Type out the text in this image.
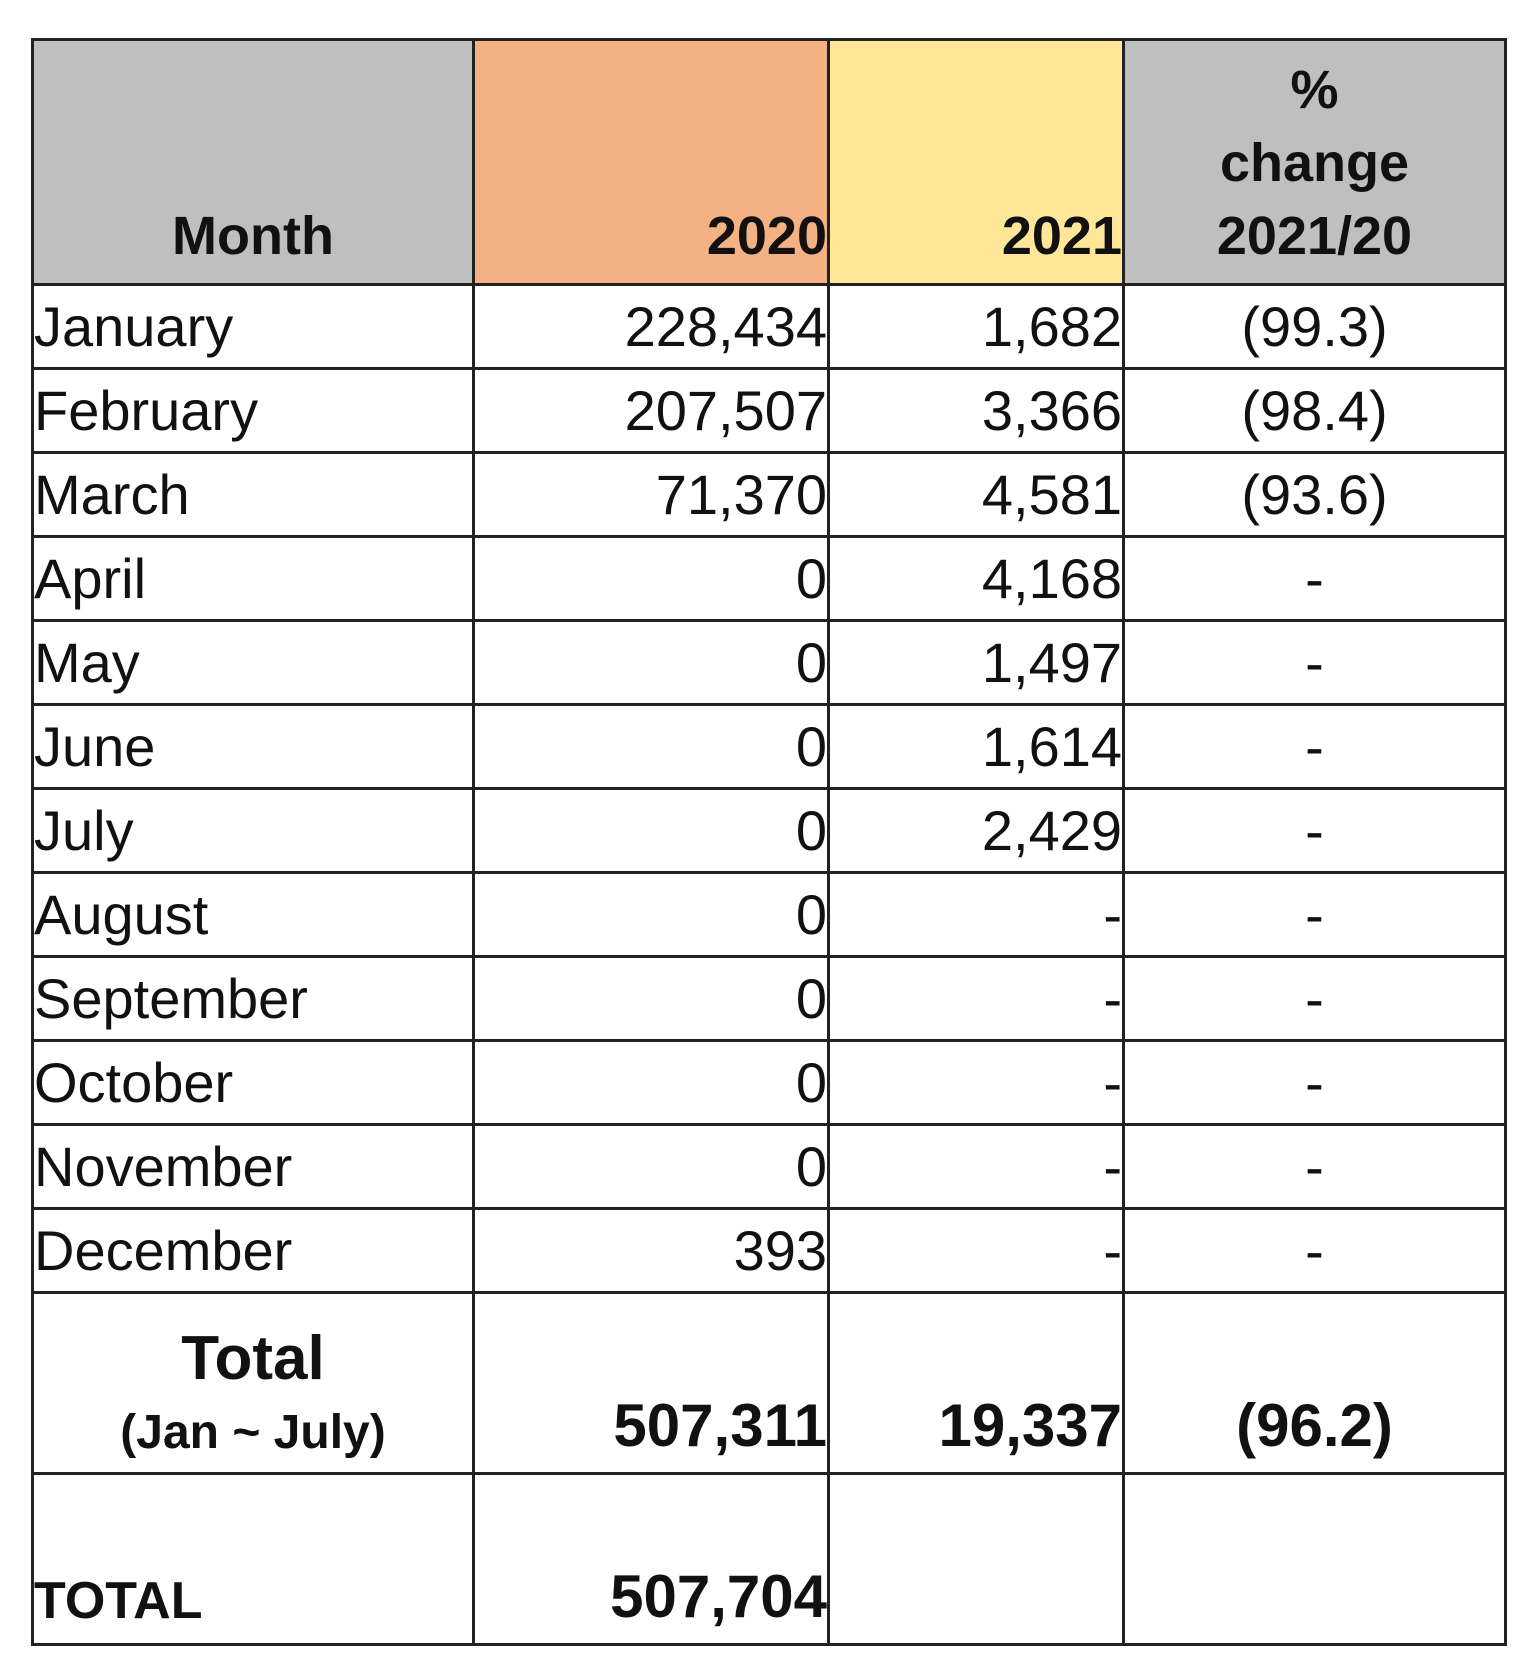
Month	2020	2021	%
change
2021/20
January	228,434	1,682	(99.3)
February	207,507	3,366	(98.4)
March	71,370	4,581	(93.6)
April	0	4,168	-
May	0	1,497	-
June	0	1,614	-
July	0	2,429	-
August	0	-	-
September	0	-	-
October	0	-	-
November	0	-	-
December	393	-	-

Total
(Jan ~ July)	507,311	19,337	(96.2)
TOTAL	507,704		
